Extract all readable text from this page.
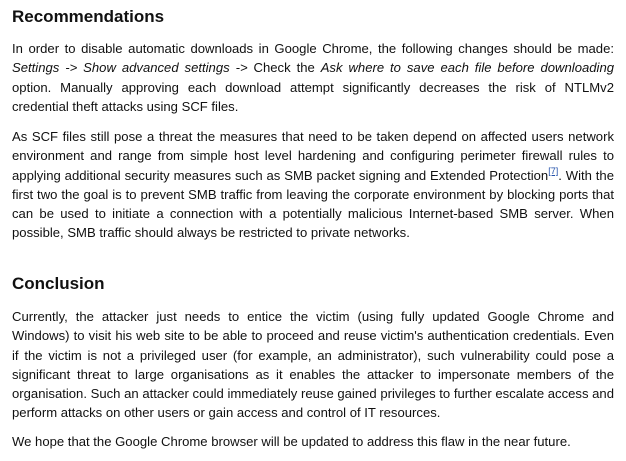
Recommendations

In order to disable automatic downloads in Google Chrome, the following changes should be made: Settings -> Show advanced settings -> Check the Ask where to save each file before downloading option. Manually approving each download attempt significantly decreases the risk of NTLMv2 credential theft attacks using SCF files.

As SCF files still pose a threat the measures that need to be taken depend on affected users network environment and range from simple host level hardening and configuring perimeter firewall rules to applying additional security measures such as SMB packet signing and Extended Protection[7]. With the first two the goal is to prevent SMB traffic from leaving the corporate environment by blocking ports that can be used to initiate a connection with a potentially malicious Internet-based SMB server. When possible, SMB traffic should always be restricted to private networks.

Conclusion

Currently, the attacker just needs to entice the victim (using fully updated Google Chrome and Windows) to visit his web site to be able to proceed and reuse victim's authentication credentials. Even if the victim is not a privileged user (for example, an administrator), such vulnerability could pose a significant threat to large organisations as it enables the attacker to impersonate members of the organisation. Such an attacker could immediately reuse gained privileges to further escalate access and perform attacks on other users or gain access and control of IT resources.

We hope that the Google Chrome browser will be updated to address this flaw in the near future.
